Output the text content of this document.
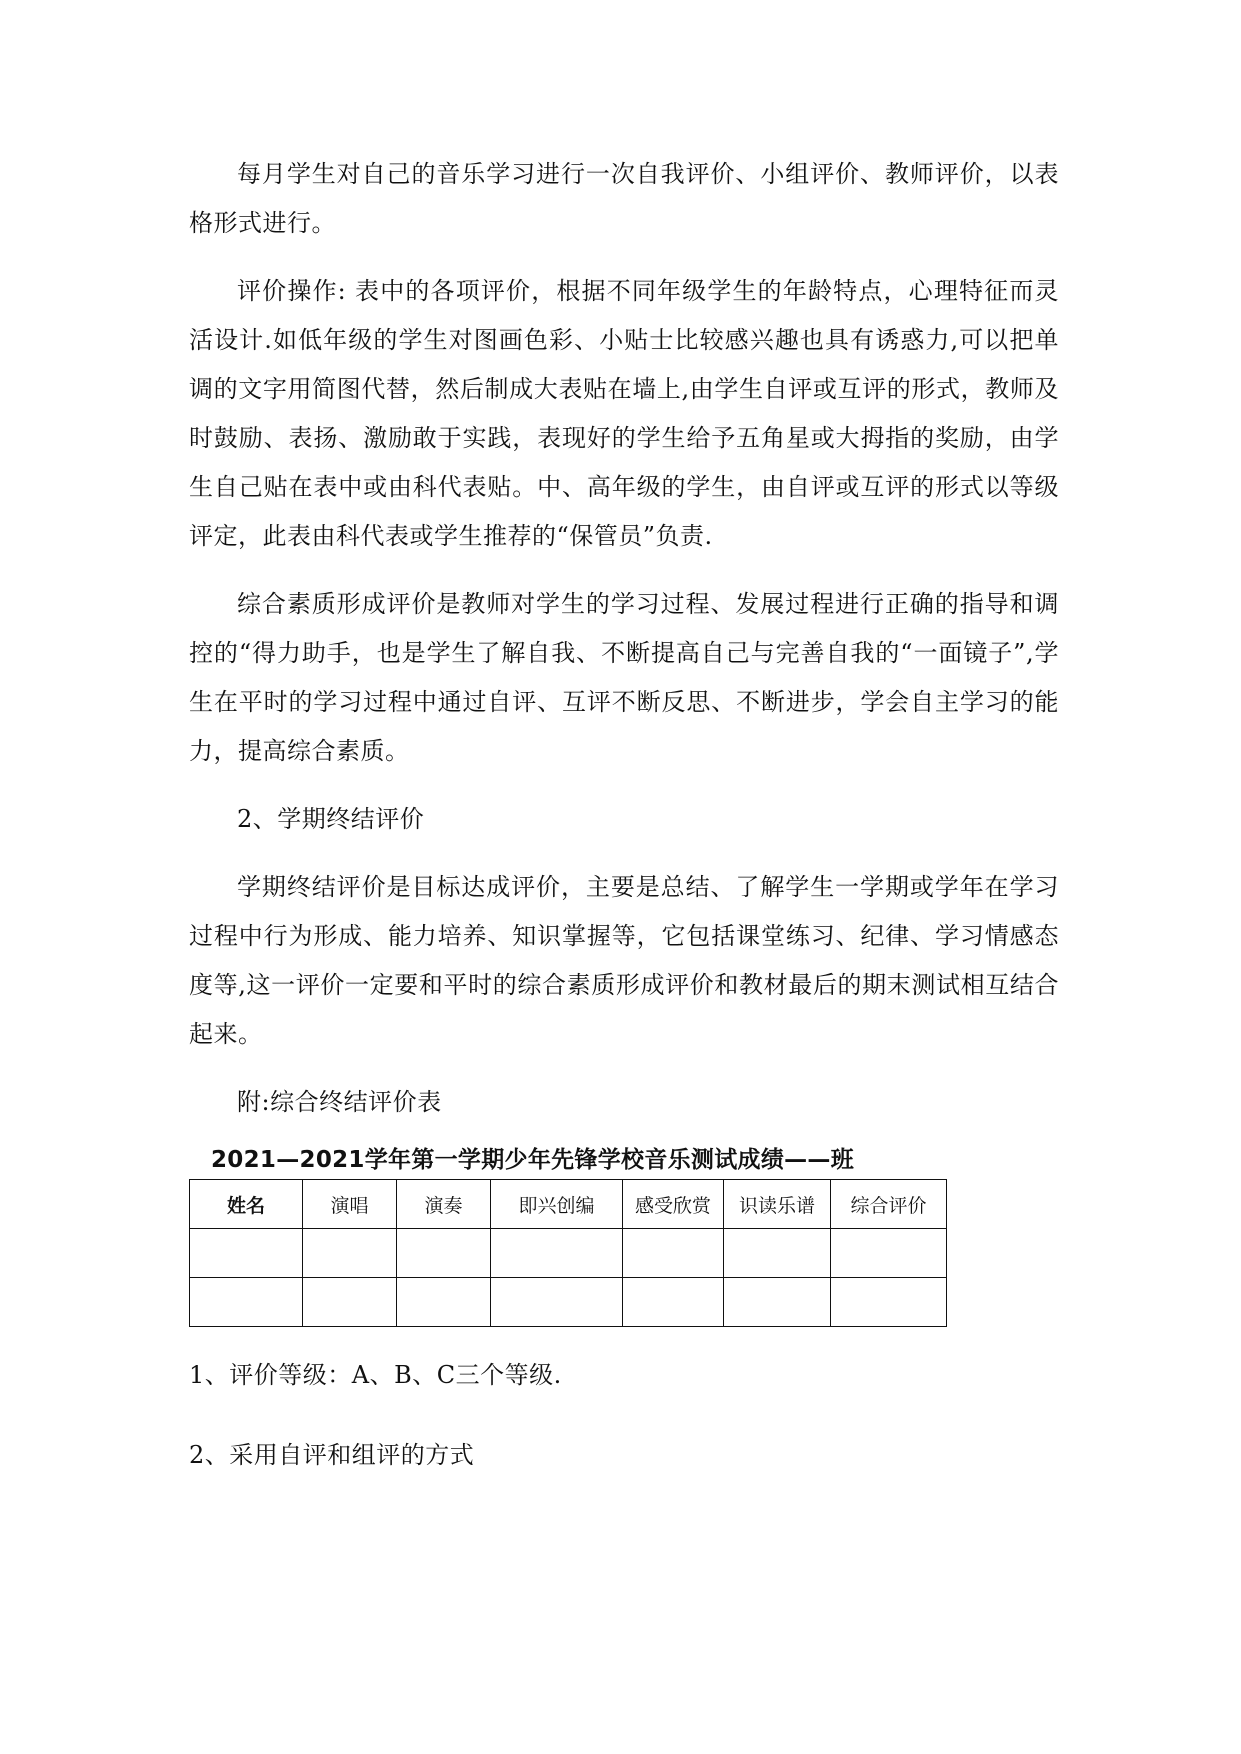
每月学生对自己的音乐学习进行一次自我评价、小组评价、教师评价，以表格形式进行。

评价操作: 表中的各项评价，根据不同年级学生的年龄特点，心理特征而灵活设计.如低年级的学生对图画色彩、小贴士比较感兴趣也具有诱惑力,可以把单调的文字用简图代替，然后制成大表贴在墙上,由学生自评或互评的形式，教师及时鼓励、表扬、激励敢于实践，表现好的学生给予五角星或大拇指的奖励，由学生自己贴在表中或由科代表贴。中、高年级的学生，由自评或互评的形式以等级评定，此表由科代表或学生推荐的“保管员”负责.

综合素质形成评价是教师对学生的学习过程、发展过程进行正确的指导和调控的“得力助手，也是学生了解自我、不断提高自己与完善自我的“一面镜子”,学生在平时的学习过程中通过自评、互评不断反思、不断进步，学会自主学习的能力，提高综合素质。

2、学期终结评价

学期终结评价是目标达成评价，主要是总结、了解学生一学期或学年在学习过程中行为形成、能力培养、知识掌握等，它包括课堂练习、纪律、学习情感态度等,这一评价一定要和平时的综合素质形成评价和教材最后的期末测试相互结合起来。

附:综合终结评价表

2021—2021学年第一学期少年先锋学校音乐测试成绩——班
姓名	演唱	演奏	即兴创编	感受欣赏	识读乐谱	综合评价

1、评价等级：A、B、C三个等级.

2、采用自评和组评的方式
